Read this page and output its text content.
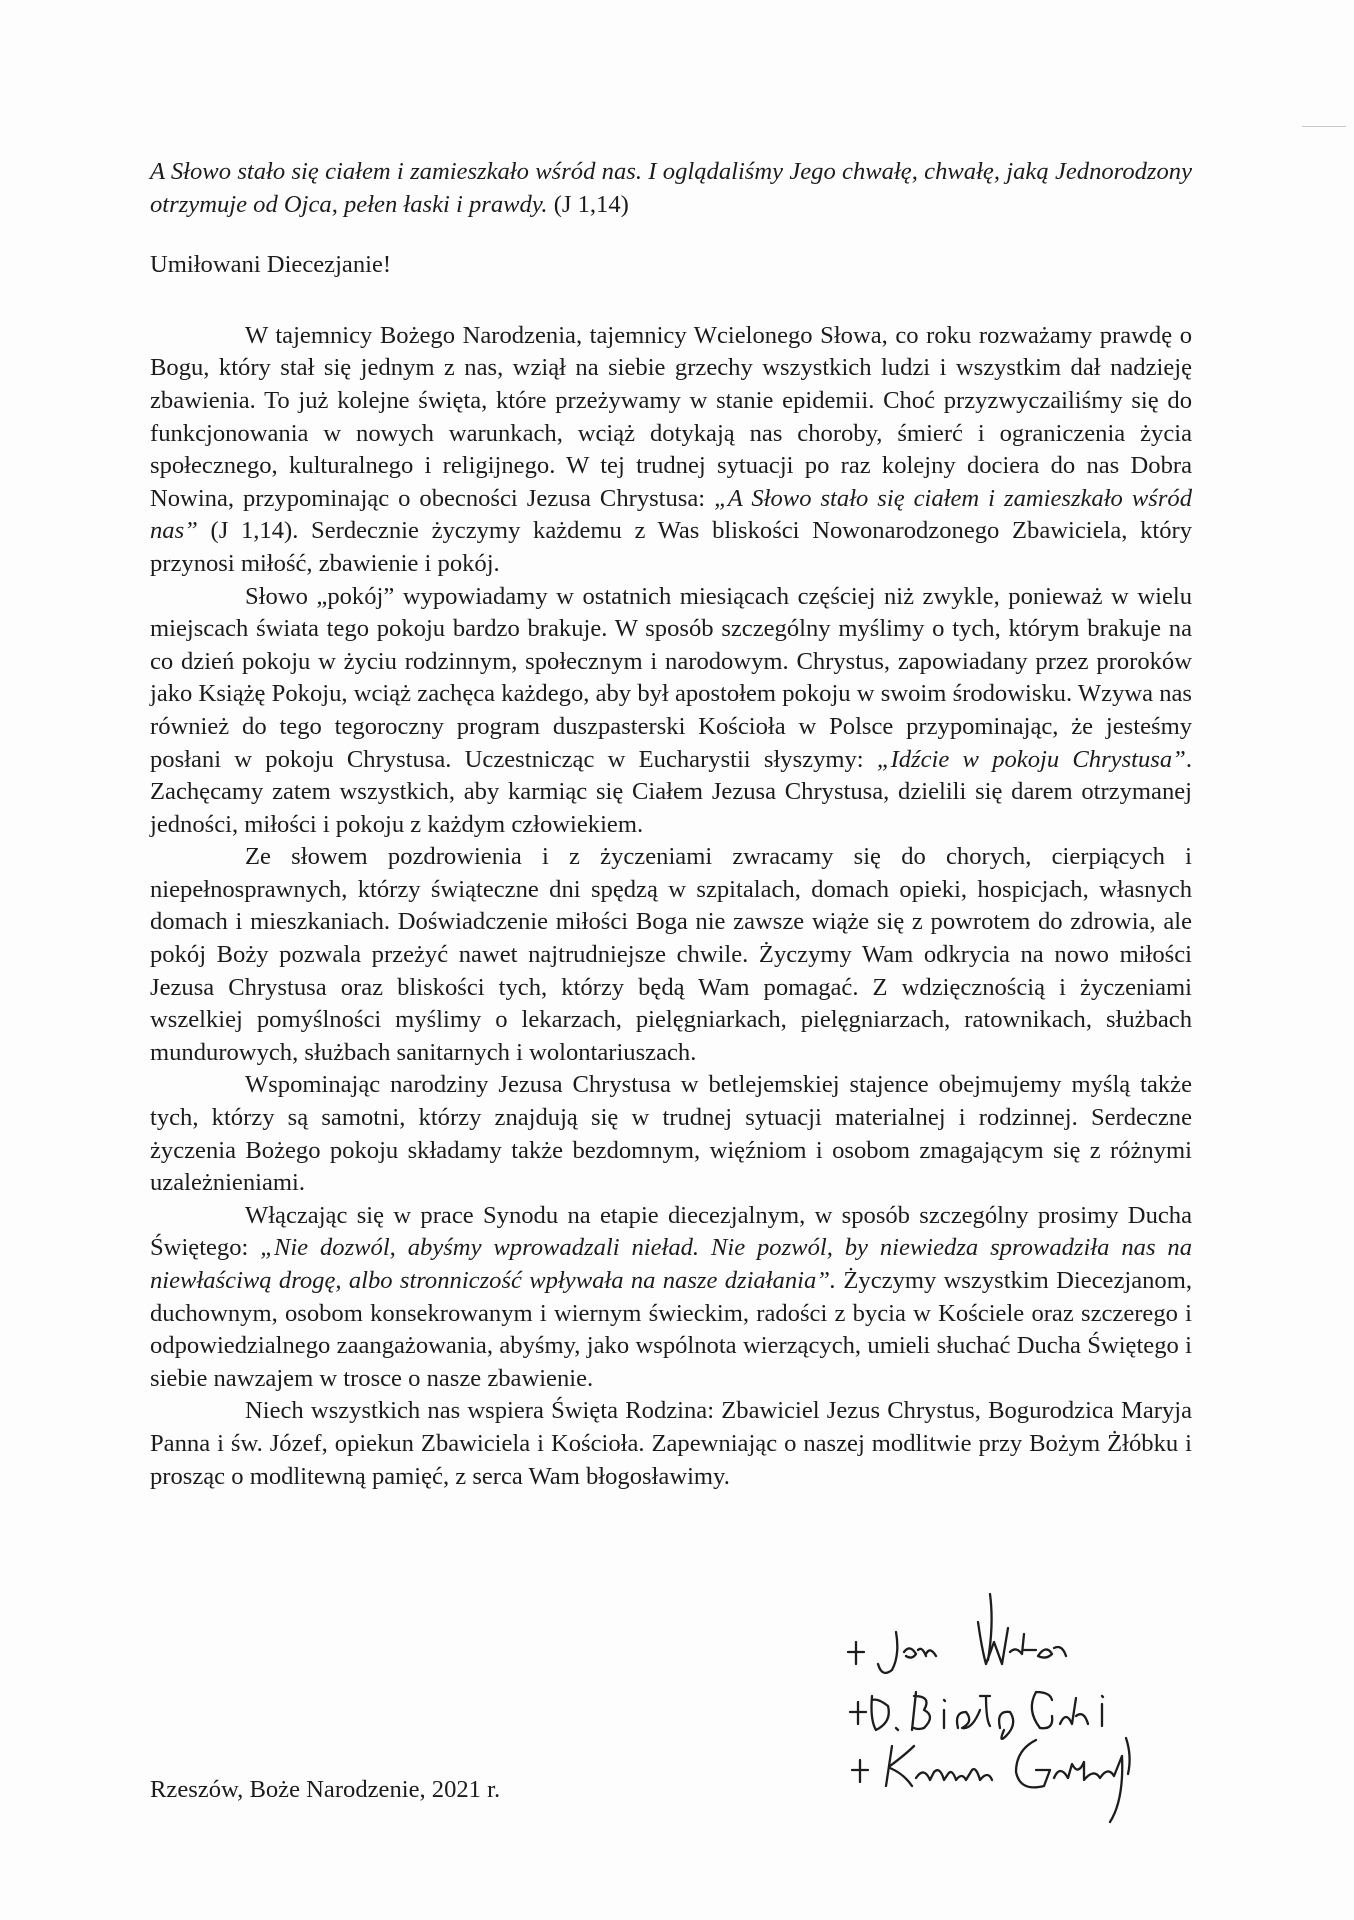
A Słowo stało się ciałem i zamieszkało wśród nas. I oglądaliśmy Jego chwałę, chwałę, jaką Jednorodzony otrzymuje od Ojca, pełen łaski i prawdy. (J 1,14)

Umiłowani Diecezjanie!

W tajemnicy Bożego Narodzenia, tajemnicy Wcielonego Słowa, co roku rozważamy prawdę o Bogu, który stał się jednym z nas, wziął na siebie grzechy wszystkich ludzi i wszystkim dał nadzieję zbawienia. To już kolejne święta, które przeżywamy w stanie epidemii. Choć przyzwyczailiśmy się do funkcjonowania w nowych warunkach, wciąż dotykają nas choroby, śmierć i ograniczenia życia społecznego, kulturalnego i religijnego. W tej trudnej sytuacji po raz kolejny dociera do nas Dobra Nowina, przypominając o obecności Jezusa Chrystusa: „A Słowo stało się ciałem i zamieszkało wśród nas” (J 1,14). Serdecznie życzymy każdemu z Was bliskości Nowonarodzonego Zbawiciela, który przynosi miłość, zbawienie i pokój.

Słowo „pokój” wypowiadamy w ostatnich miesiącach częściej niż zwykle, ponieważ w wielu miejscach świata tego pokoju bardzo brakuje. W sposób szczególny myślimy o tych, którym brakuje na co dzień pokoju w życiu rodzinnym, społecznym i narodowym. Chrystus, zapowiadany przez proroków jako Książę Pokoju, wciąż zachęca każdego, aby był apostołem pokoju w swoim środowisku. Wzywa nas również do tego tegoroczny program duszpasterski Kościoła w Polsce przypominając, że jesteśmy posłani w pokoju Chrystusa. Uczestnicząc w Eucharystii słyszymy: „Idźcie w pokoju Chrystusa”. Zachęcamy zatem wszystkich, aby karmiąc się Ciałem Jezusa Chrystusa, dzielili się darem otrzymanej jedności, miłości i pokoju z każdym człowiekiem.

Ze słowem pozdrowienia i z życzeniami zwracamy się do chorych, cierpiących i niepełnosprawnych, którzy świąteczne dni spędzą w szpitalach, domach opieki, hospicjach, własnych domach i mieszkaniach. Doświadczenie miłości Boga nie zawsze wiąże się z powrotem do zdrowia, ale pokój Boży pozwala przeżyć nawet najtrudniejsze chwile. Życzymy Wam odkrycia na nowo miłości Jezusa Chrystusa oraz bliskości tych, którzy będą Wam pomagać. Z wdzięcznością i życzeniami wszelkiej pomyślności myślimy o lekarzach, pielęgniarkach, pielęgniarzach, ratownikach, służbach mundurowych, służbach sanitarnych i wolontariuszach.

Wspominając narodziny Jezusa Chrystusa w betlejemskiej stajence obejmujemy myślą także tych, którzy są samotni, którzy znajdują się w trudnej sytuacji materialnej i rodzinnej. Serdeczne życzenia Bożego pokoju składamy także bezdomnym, więźniom i osobom zmagającym się z różnymi uzależnieniami.

Włączając się w prace Synodu na etapie diecezjalnym, w sposób szczególny prosimy Ducha Świętego: „Nie dozwól, abyśmy wprowadzali nieład. Nie pozwól, by niewiedza sprowadziła nas na niewłaściwą drogę, albo stronniczość wpływała na nasze działania”. Życzymy wszystkim Diecezjanom, duchownym, osobom konsekrowanym i wiernym świeckim, radości z bycia w Kościele oraz szczerego i odpowiedzialnego zaangażowania, abyśmy, jako wspólnota wierzących, umieli słuchać Ducha Świętego i siebie nawzajem w trosce o nasze zbawienie.

Niech wszystkich nas wspiera Święta Rodzina: Zbawiciel Jezus Chrystus, Bogurodzica Maryja Panna i św. Józef, opiekun Zbawiciela i Kościoła. Zapewniając o naszej modlitwie przy Bożym Żłóbku i prosząc o modlitewną pamięć, z serca Wam błogosławimy.

Rzeszów, Boże Narodzenie, 2021 r.
